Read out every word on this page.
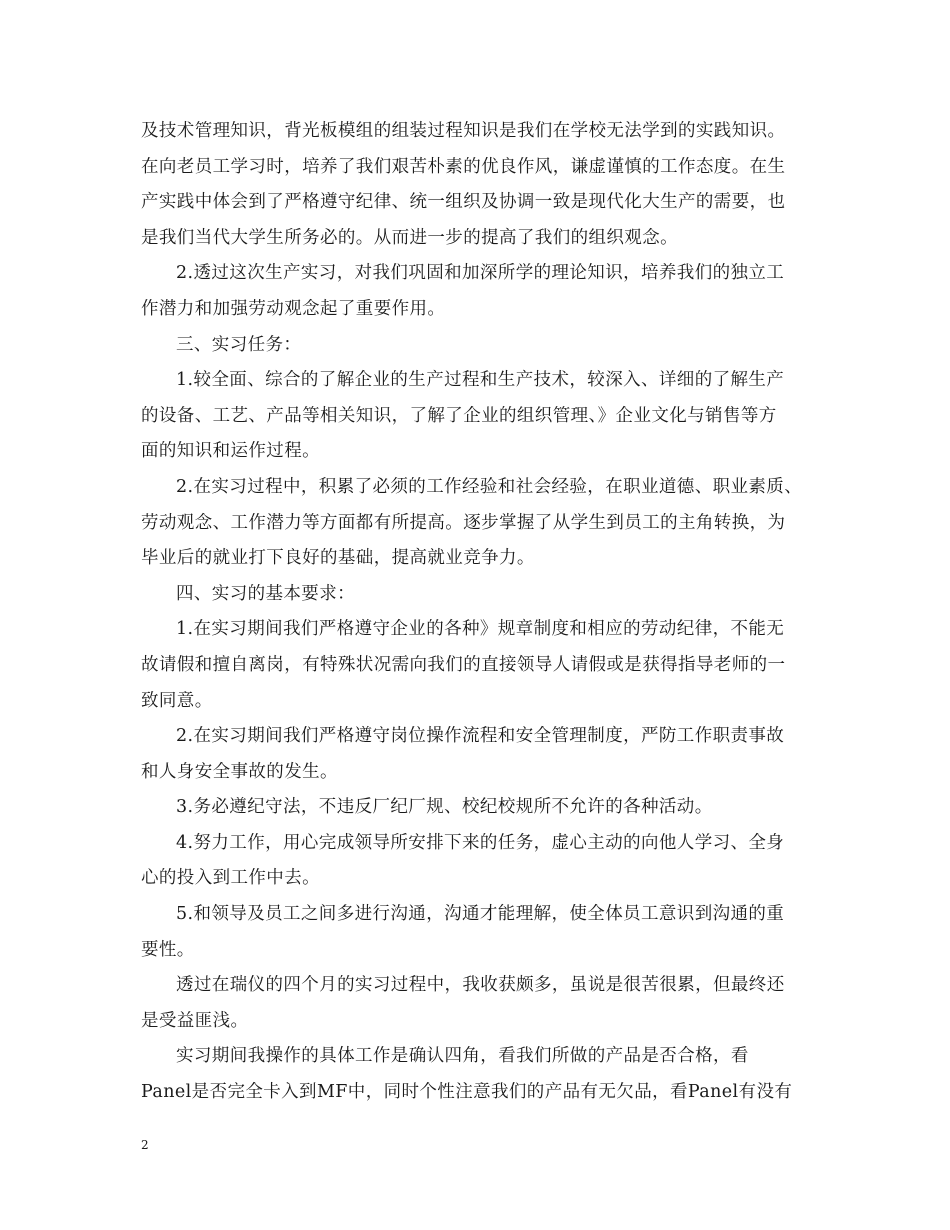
及技术管理知识，背光板模组的组装过程知识是我们在学校无法学到的实践知识。
在向老员工学习时，培养了我们艰苦朴素的优良作风，谦虚谨慎的工作态度。在生
产实践中体会到了严格遵守纪律、统一组织及协调一致是现代化大生产的需要，也
是我们当代大学生所务必的。从而进一步的提高了我们的组织观念。
2.透过这次生产实习，对我们巩固和加深所学的理论知识，培养我们的独立工
作潜力和加强劳动观念起了重要作用。
三、实习任务：
1.较全面、综合的了解企业的生产过程和生产技术，较深入、详细的了解生产
的设备、工艺、产品等相关知识，了解了企业的组织管理、》企业文化与销售等方
面的知识和运作过程。
2.在实习过程中，积累了必须的工作经验和社会经验，在职业道德、职业素质、
劳动观念、工作潜力等方面都有所提高。逐步掌握了从学生到员工的主角转换，为
毕业后的就业打下良好的基础，提高就业竞争力。
四、实习的基本要求：
1.在实习期间我们严格遵守企业的各种》规章制度和相应的劳动纪律，不能无
故请假和擅自离岗，有特殊状况需向我们的直接领导人请假或是获得指导老师的一
致同意。
2.在实习期间我们严格遵守岗位操作流程和安全管理制度，严防工作职责事故
和人身安全事故的发生。
3.务必遵纪守法，不违反厂纪厂规、校纪校规所不允许的各种活动。
4.努力工作，用心完成领导所安排下来的任务，虚心主动的向他人学习、全身
心的投入到工作中去。
5.和领导及员工之间多进行沟通，沟通才能理解，使全体员工意识到沟通的重
要性。
透过在瑞仪的四个月的实习过程中，我收获颇多，虽说是很苦很累，但最终还
是受益匪浅。
实习期间我操作的具体工作是确认四角，看我们所做的产品是否合格，看
Panel是否完全卡入到MF中，同时个性注意我们的产品有无欠品，看Panel有没有
2
